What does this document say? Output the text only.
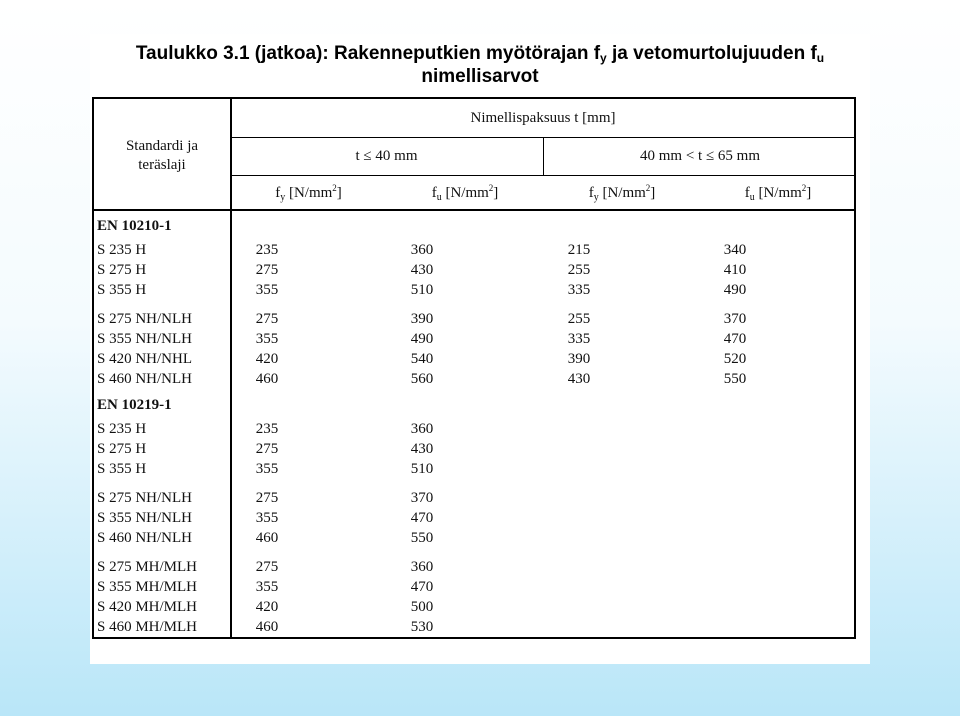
Taulukko 3.1 (jatkoa): Rakenneputkien myötörajan $f_y$ ja vetomurtolujuuden $f_u$
nimellisarvot
Standardi ja
teräslaji
Nimellispaksuus t [mm]
t ≤ 40 mm	40 mm < t ≤ 65 mm
$f_y$ $[N/mm^2]$	$f_u$ $[N/mm^2]$	$f_y$ $[N/mm^2]$	$f_u$ $[N/mm^2]$
EN 10210-1
S 235 H	235	360	215	340
S 275 H	275	430	255	410
S 355 H	355	510	335	490
S 275 NH/NLH	275	390	255	370
S 355 NH/NLH	355	490	335	470
S 420 NH/NHL	420	540	390	520
S 460 NH/NLH	460	560	430	550
EN 10219-1
S 235 H	235	360
S 275 H	275	430
S 355 H	355	510
S 275 NH/NLH	275	370
S 355 NH/NLH	355	470
S 460 NH/NLH	460	550
S 275 MH/MLH	275	360
S 355 MH/MLH	355	470
S 420 MH/MLH	420	500
S 460 MH/MLH	460	530
